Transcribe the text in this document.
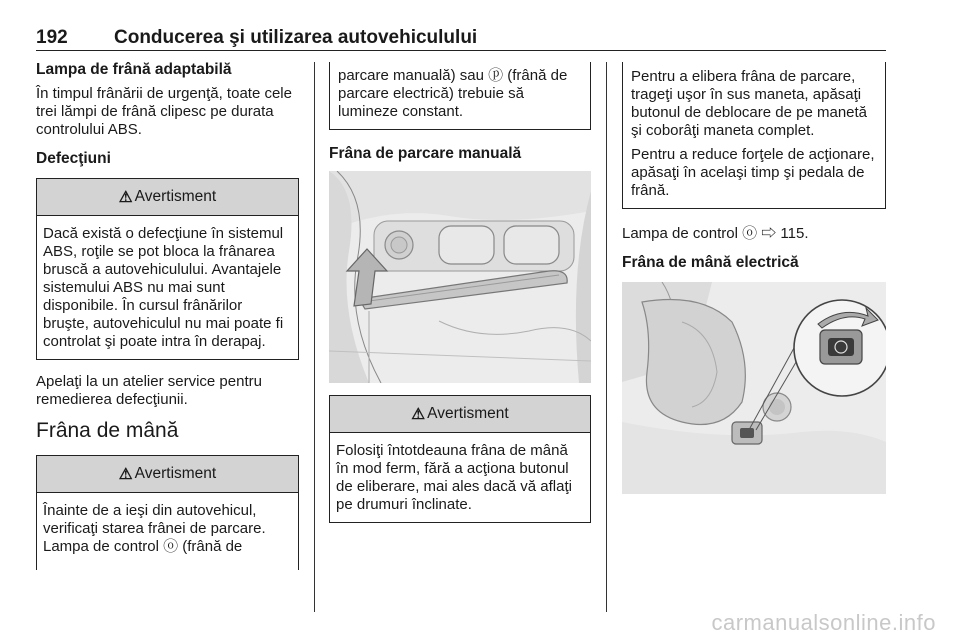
192 Conducerea şi utilizarea autovehiculului
Lampa de frână adaptabilă

În timpul frânării de urgenţă, toate cele trei lămpi de frână clipesc pe durata controlului ABS.

Defecţiuni
⚠ Avertisment
Dacă există o defecţiune în sistemul ABS, roţile se pot bloca la frânarea bruscă a autovehiculului. Avantajele sistemului ABS nu mai sunt disponibile. În cursul frânărilor bruşte, autovehiculul nu mai poate fi controlat şi poate intra în derapaj.

Apelaţi la un atelier service pentru remedierea defecţiunii.

Frâna de mână
⚠ Avertisment
Înainte de a ieşi din autovehicul, verificaţi starea frânei de parcare. Lampa de control ⓞ (frână de
parcare manuală) sau ⓟ (frână de parcare electrică) trebuie să lumineze constant.
Frâna de parcare manuală
⚠ Avertisment
Folosiţi întotdeauna frâna de mână în mod ferm, fără a acţiona butonul de eliberare, mai ales dacă vă aflaţi pe drumuri înclinate.

Pentru a elibera frâna de parcare, trageţi uşor în sus maneta, apăsaţi butonul de deblocare de pe manetă şi coborâţi maneta complet.

Pentru a reduce forţele de acţionare, apăsaţi în acelaşi timp şi pedala de frână.

Lampa de control ⓞ ⇨ 115.

Frâna de mână electrică
carmanualsonline.info
